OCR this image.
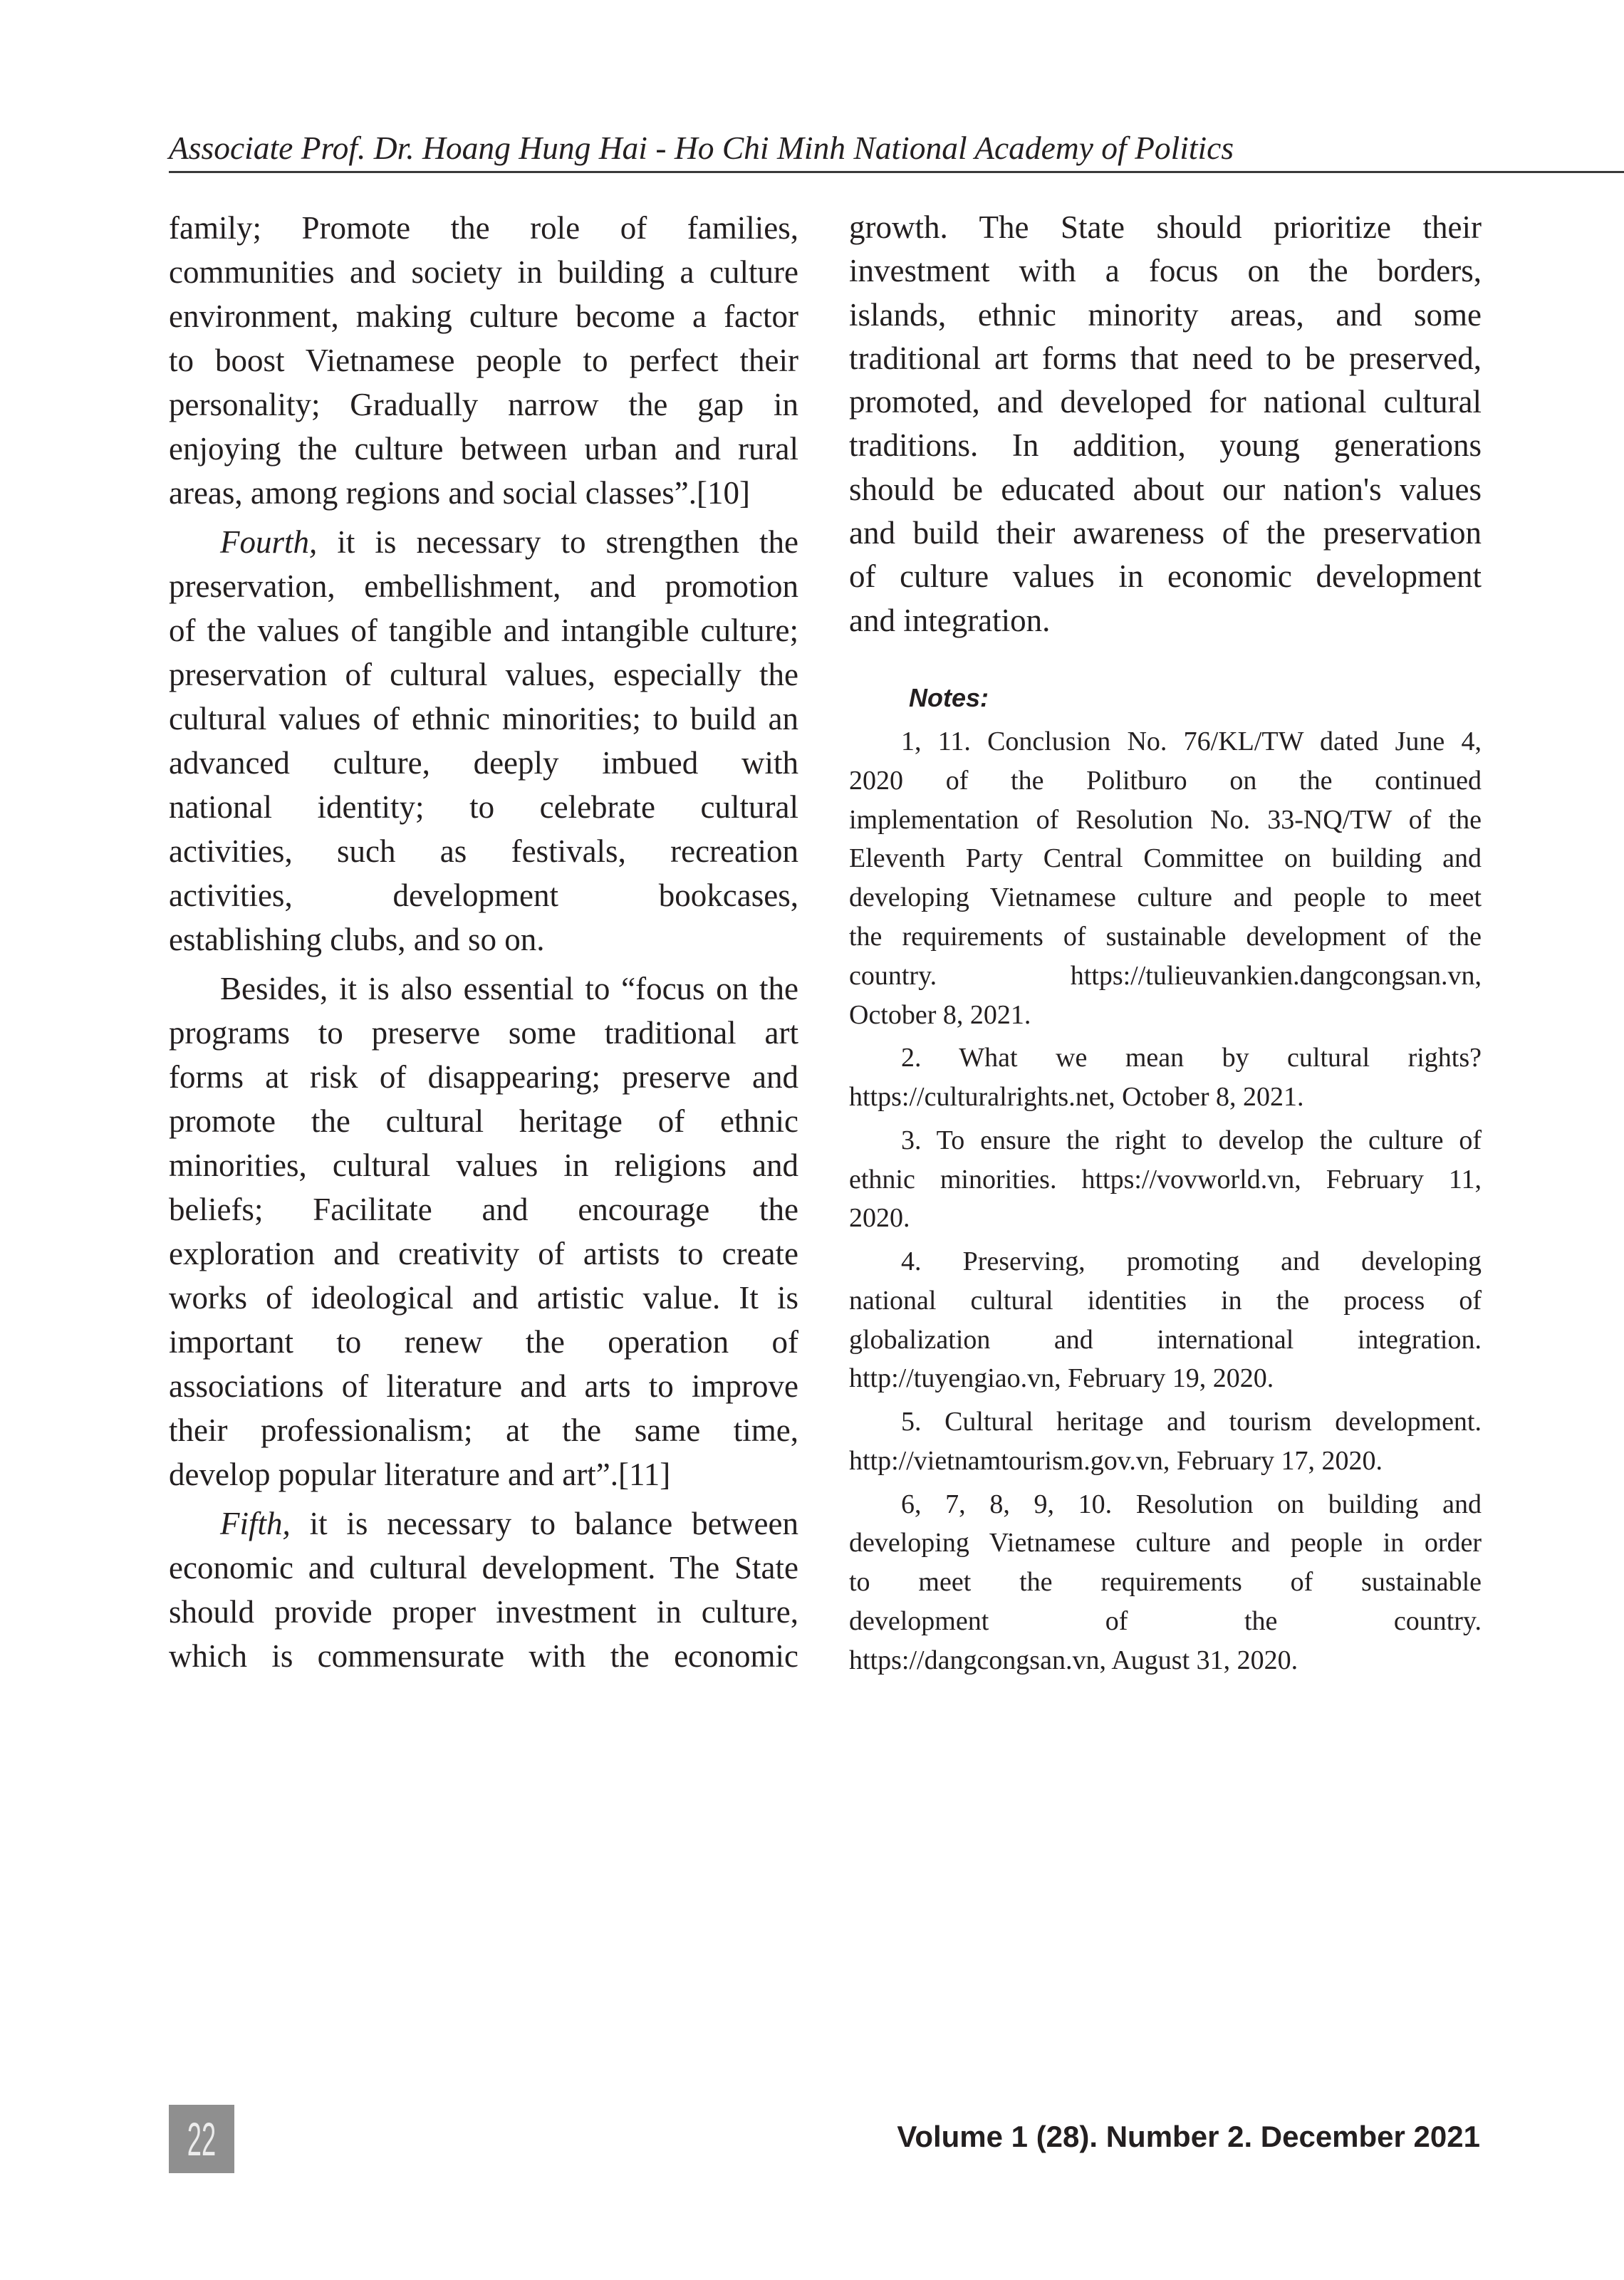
Associate Prof. Dr. Hoang Hung Hai - Ho Chi Minh National Academy of Politics
family; Promote the role of families,
communities and society in building a culture
environment, making culture become a factor
to boost Vietnamese people to perfect their
personality; Gradually narrow the gap in
enjoying the culture between urban and rural
areas, among regions and social classes”.[10]
Fourth, it is necessary to strengthen the
preservation, embellishment, and promotion
of the values of tangible and intangible culture;
preservation of cultural values, especially the
cultural values of ethnic minorities; to build an
advanced culture, deeply imbued with
national identity; to celebrate cultural
activities, such as festivals, recreation
activities, development bookcases,
establishing clubs, and so on.
Besides, it is also essential to “focus on the
programs to preserve some traditional art
forms at risk of disappearing; preserve and
promote the cultural heritage of ethnic
minorities, cultural values in religions and
beliefs; Facilitate and encourage the
exploration and creativity of artists to create
works of ideological and artistic value. It is
important to renew the operation of
associations of literature and arts to improve
their professionalism; at the same time,
develop popular literature and art”.[11]
Fifth, it is necessary to balance between
economic and cultural development. The State
should provide proper investment in culture,
which is commensurate with the economic
growth. The State should prioritize their
investment with a focus on the borders,
islands, ethnic minority areas, and some
traditional art forms that need to be preserved,
promoted, and developed for national cultural
traditions. In addition, young generations
should be educated about our nation's values
and build their awareness of the preservation
of culture values in economic development
and integration.
Notes:
1, 11. Conclusion No. 76/KL/TW dated June 4,
2020 of the Politburo on the continued
implementation of Resolution No. 33-NQ/TW of the
Eleventh Party Central Committee on building and
developing Vietnamese culture and people to meet
the requirements of sustainable development of the
country. https://tulieuvankien.dangcongsan.vn,
October 8, 2021.
2. What we mean by cultural rights?
https://culturalrights.net, October 8, 2021.
3. To ensure the right to develop the culture of
ethnic minorities. https://vovworld.vn, February 11,
2020.
4. Preserving, promoting and developing
national cultural identities in the process of
globalization and international integration.
http://tuyengiao.vn, February 19, 2020.
5. Cultural heritage and tourism development.
http://vietnamtourism.gov.vn, February 17, 2020.
6, 7, 8, 9, 10. Resolution on building and
developing Vietnamese culture and people in order
to meet the requirements of sustainable
development of the country.
https://dangcongsan.vn, August 31, 2020.
22	Volume 1 (28). Number 2. December 2021
